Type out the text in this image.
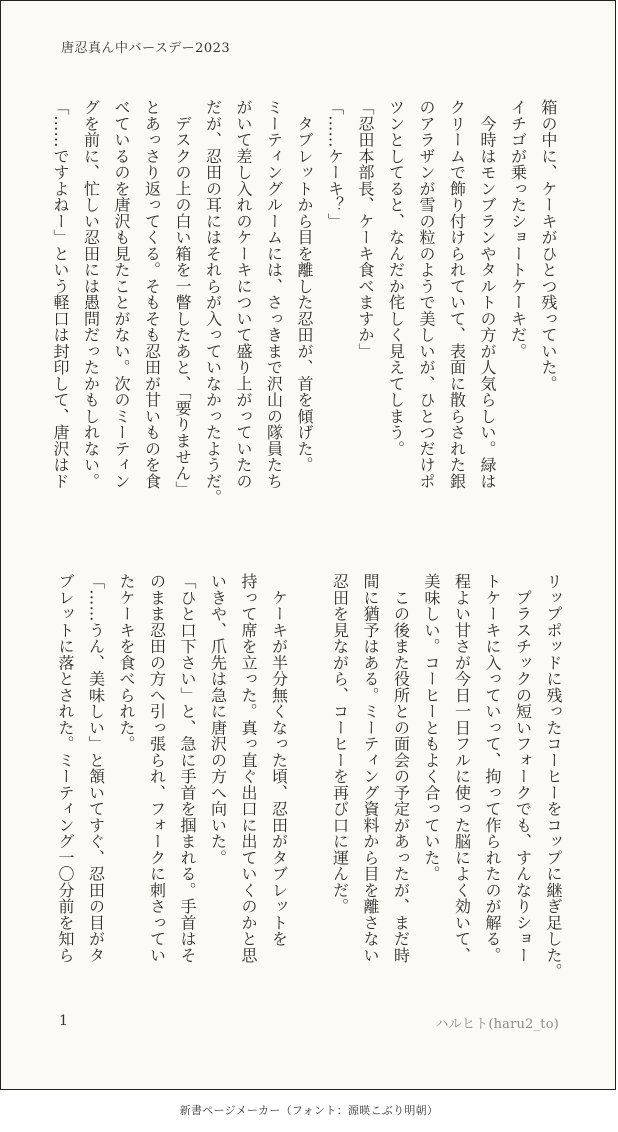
唐忍真ん中バースデー2023
箱の中に、ケーキがひとつ残っていた。
イチゴが乗ったショートケーキだ。
　今時はモンブランやタルトの方が人気らしい。緑は
クリームで飾り付けられていて、表面に散らされた銀
のアラザンが雪の粒のようで美しいが、ひとつだけポ
ツンとしてると、なんだか侘しく見えてしまう。
「忍田本部長、ケーキ食べますか」
「……ケーキ？」
　タブレットから目を離した忍田が、首を傾げた。
ミーティングルームには、さっきまで沢山の隊員たち
がいて差し入れのケーキについて盛り上がっていたの
だが、忍田の耳にはそれらが入っていなかったようだ。
　デスクの上の白い箱を一瞥したあと、「要りません」
とあっさり返ってくる。そもそも忍田が甘いものを食
べているのを唐沢も見たことがない。次のミーティン
グを前に、忙しい忍田には愚問だったかもしれない。
「……ですよねー」という軽口は封印して、唐沢はド
リップポッドに残ったコーヒーをコップに継ぎ足した。
　プラスチックの短いフォークでも、すんなりショー
トケーキに入っていって、拘って作られたのが解る。
程よい甘さが今日一日フルに使った脳によく効いて、
美味しい。コーヒーともよく合っていた。
　この後また役所との面会の予定があったが、まだ時
間に猶予はある。ミーティング資料から目を離さない
忍田を見ながら、コーヒーを再び口に運んだ。

　ケーキが半分無くなった頃、忍田がタブレットを
持って席を立った。真っ直ぐ出口に出ていくのかと思
いきや、爪先は急に唐沢の方へ向いた。
「ひと口下さい」と、急に手首を掴まれる。手首はそ
のまま忍田の方へ引っ張られ、フォークに刺さってい
たケーキを食べられた。
「……うん、美味しい」と頷いてすぐ、忍田の目がタ
ブレットに落とされた。ミーティング一〇分前を知ら
1	ハルヒト(haru2_to)
新書ページメーカー（フォント：源暎こぶり明朝）
